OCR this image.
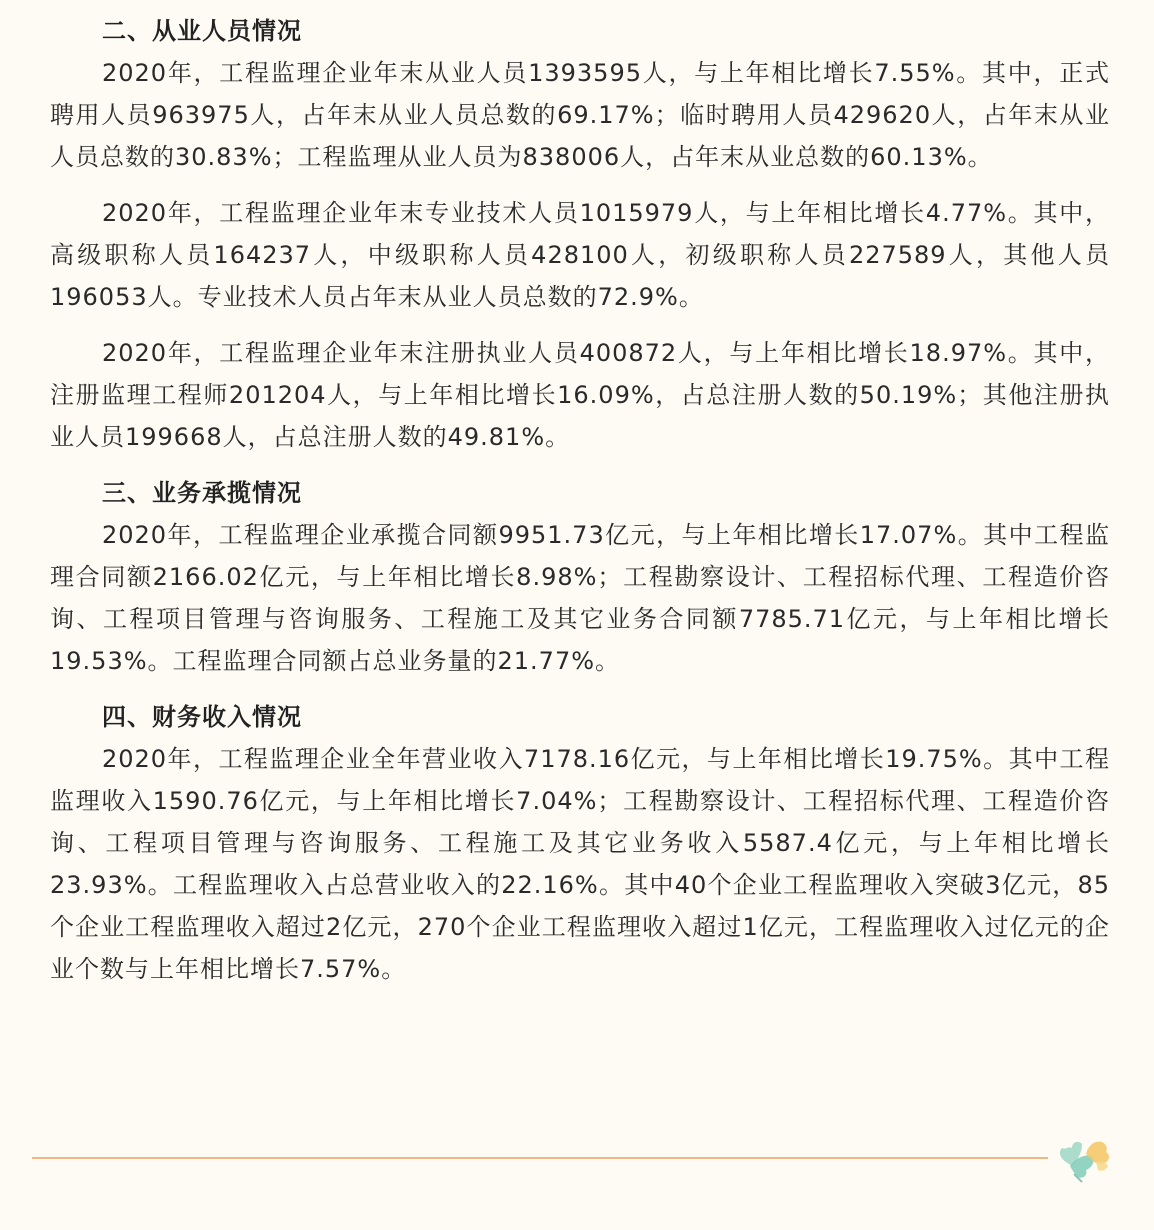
二、从业人员情况

2020年，工程监理企业年末从业人员1393595人，与上年相比增长7.55%。其中，正式聘用人员963975人，占年末从业人员总数的69.17%；临时聘用人员429620人，占年末从业人员总数的30.83%；工程监理从业人员为838006人，占年末从业总数的60.13%。

2020年，工程监理企业年末专业技术人员1015979人，与上年相比增长4.77%。其中，高级职称人员164237人，中级职称人员428100人，初级职称人员227589人，其他人员196053人。专业技术人员占年末从业人员总数的72.9%。

2020年，工程监理企业年末注册执业人员400872人，与上年相比增长18.97%。其中，注册监理工程师201204人，与上年相比增长16.09%，占总注册人数的50.19%；其他注册执业人员199668人，占总注册人数的49.81%。

三、业务承揽情况

2020年，工程监理企业承揽合同额9951.73亿元，与上年相比增长17.07%。其中工程监理合同额2166.02亿元，与上年相比增长8.98%；工程勘察设计、工程招标代理、工程造价咨询、工程项目管理与咨询服务、工程施工及其它业务合同额7785.71亿元，与上年相比增长19.53%。工程监理合同额占总业务量的21.77%。

四、财务收入情况

2020年，工程监理企业全年营业收入7178.16亿元，与上年相比增长19.75%。其中工程监理收入1590.76亿元，与上年相比增长7.04%；工程勘察设计、工程招标代理、工程造价咨询、工程项目管理与咨询服务、工程施工及其它业务收入5587.4亿元，与上年相比增长23.93%。工程监理收入占总营业收入的22.16%。其中40个企业工程监理收入突破3亿元，85个企业工程监理收入超过2亿元，270个企业工程监理收入超过1亿元，工程监理收入过亿元的企业个数与上年相比增长7.57%。
